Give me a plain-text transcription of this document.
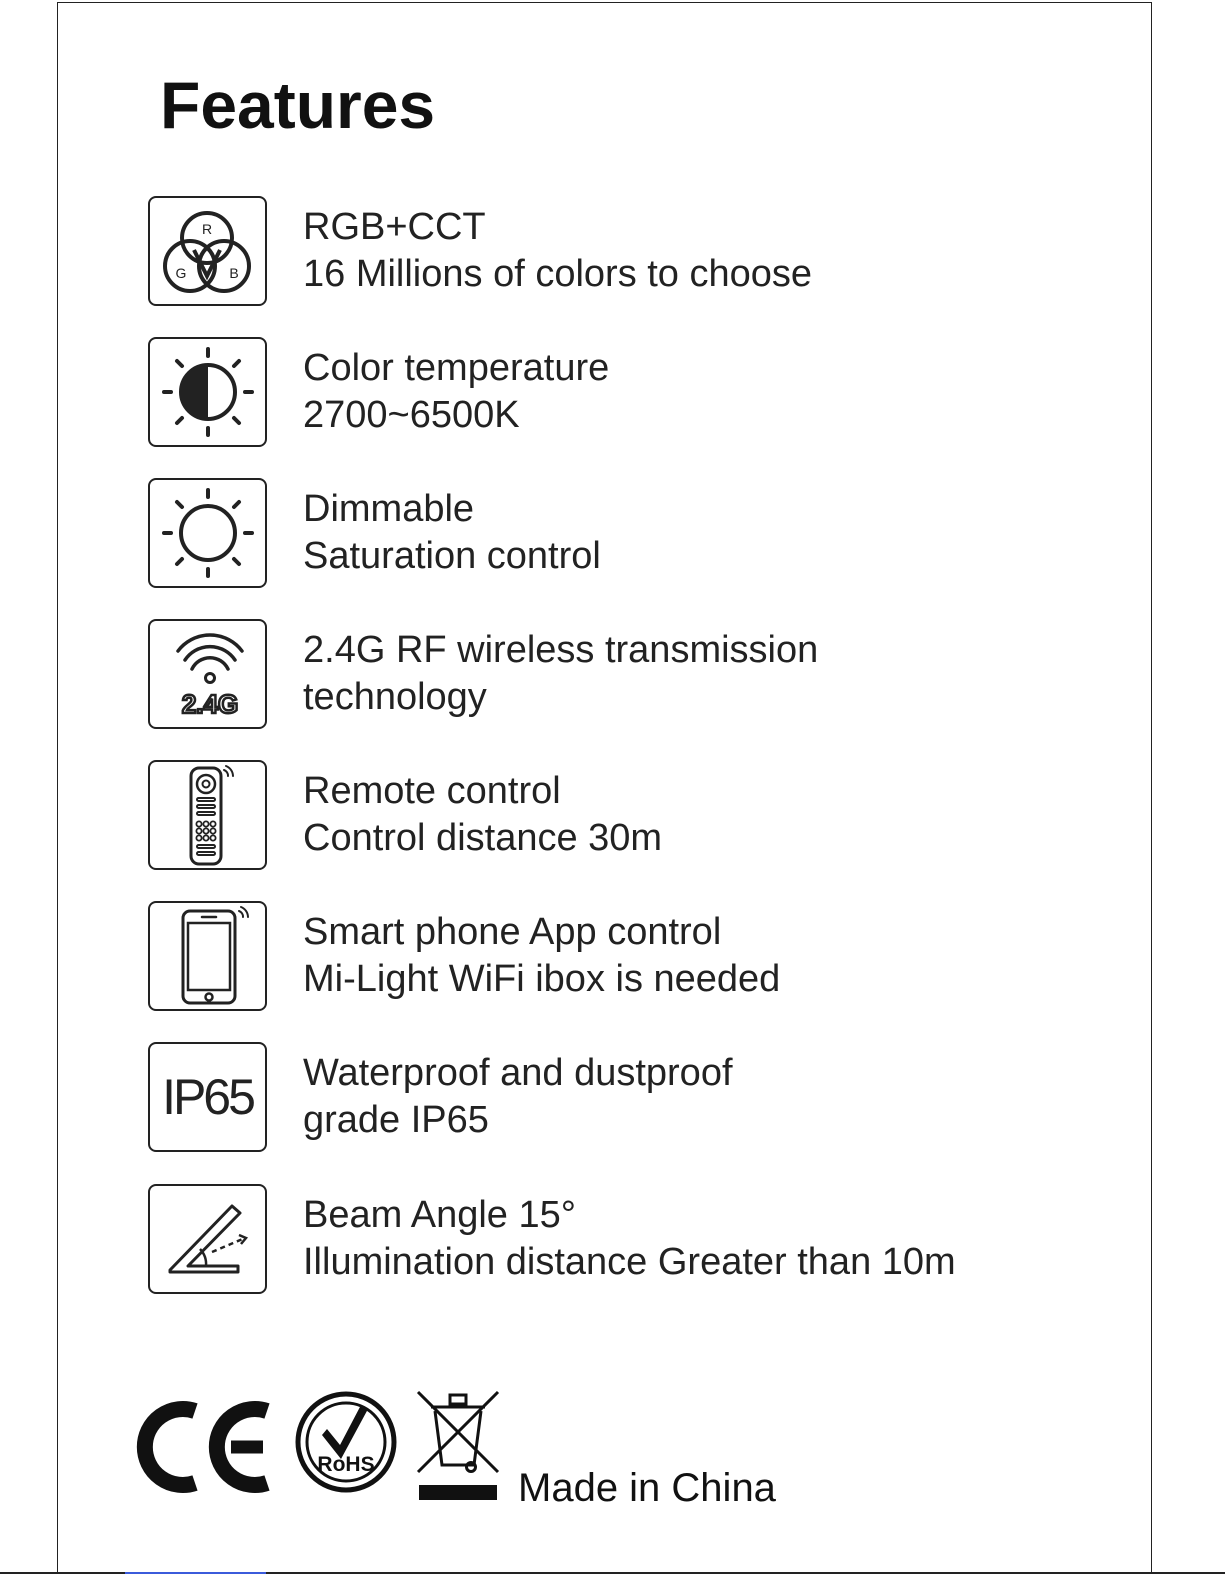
Features
R
G	B
RGB+CCT
16 Millions of colors to choose
Color temperature
2700~6500K
Dimmable
Saturation control
2.4G
2.4G RF wireless transmission
technology
Remote control
Control distance 30m
Smart phone App control
Mi-Light WiFi ibox is needed
IP65	Waterproof and dustproof
grade IP65
Beam Angle 15°
Illumination distance Greater than 10m
RoHS
Made in China
